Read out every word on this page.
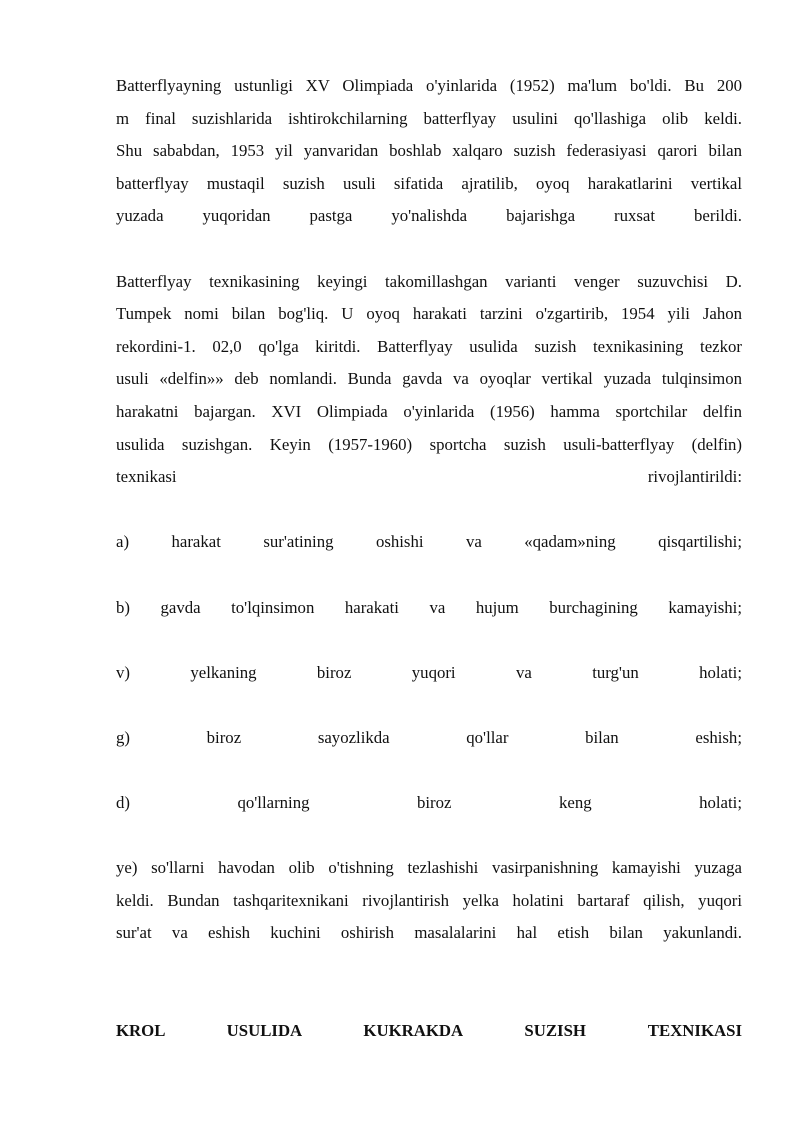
Batterflyayning ustunligi XV Olimpiada o'yinlarida (1952) ma'lum bo'ldi. Bu 200
m final suzishlarida ishtirokchilarning batterflyay usulini qo'llashiga olib keldi.
Shu sababdan, 1953 yil yanvaridan boshlab xalqaro suzish federasiyasi qarori bilan
batterflyay mustaqil suzish usuli sifatida ajratilib, oyoq harakatlarini vertikal
yuzada yuqoridan pastga yo'nalishda bajarishga ruxsat berildi.
Batterflyay texnikasining keyingi takomillashgan varianti venger suzuvchisi D.
Tumpek nomi bilan bog'liq. U oyoq harakati tarzini o'zgartirib, 1954 yili Jahon
rekordini-1. 02,0 qo'lga kiritdi. Batterflyay usulida suzish texnikasining tezkor
usuli «delfin»» deb nomlandi. Bunda gavda va oyoqlar vertikal yuzada tulqinsimon
harakatni bajargan. XVI Olimpiada o'yinlarida (1956) hamma sportchilar delfin
usulida suzishgan. Keyin (1957-1960) sportcha suzish usuli-batterflyay (delfin)
texnikasi rivojlantirildi:
a) harakat sur'atining oshishi va «qadam»ning qisqartilishi;
b) gavda to'lqinsimon harakati va hujum burchagining kamayishi;
v) yelkaning biroz yuqori va turg'un holati;
g) biroz sayozlikda qo'llar bilan eshish;
d) qo'llarning biroz keng holati;
ye) so'llarni havodan olib o'tishning tezlashishi vasirpanishning kamayishi yuzaga
keldi. Bundan tashqaritexnikani rivojlantirish yelka holatini bartaraf qilish, yuqori
sur'at va eshish kuchini oshirish masalalarini hal etish bilan yakunlandi.
KROL USULIDA KUKRAKDA SUZISH TEXNIKASI
